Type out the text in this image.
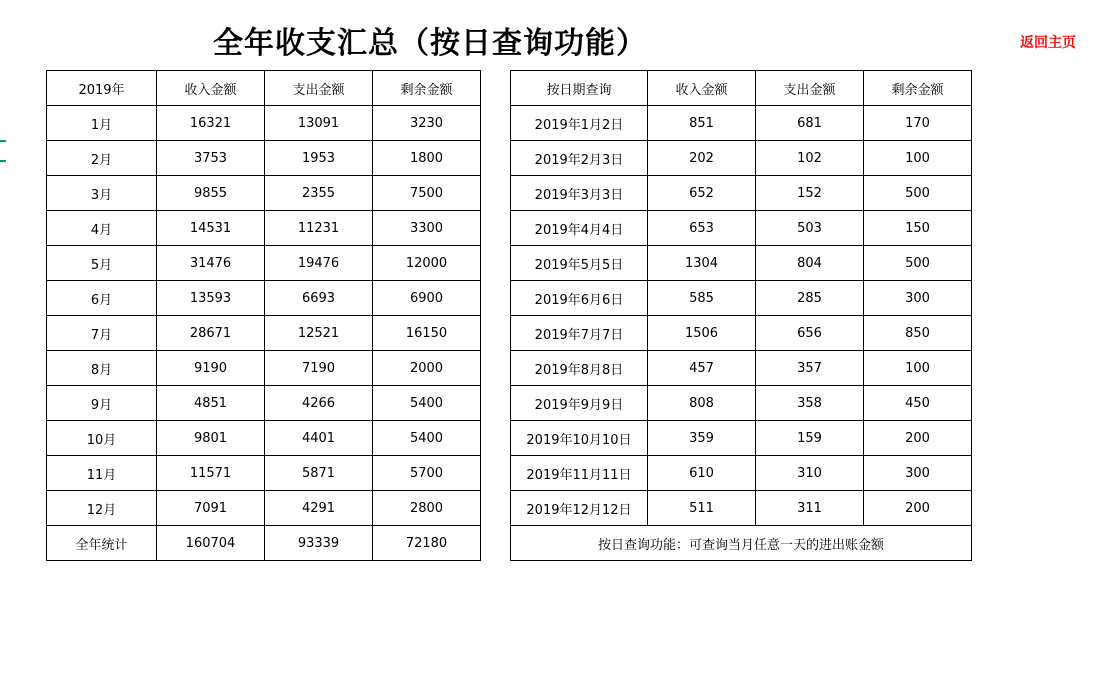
全年收支汇总（按日查询功能）	返回主页
2019年	收入金额	支出金额	剩余金额
1月	16321	13091	3230
2月	3753	1953	1800
3月	9855	2355	7500
4月	14531	11231	3300
5月	31476	19476	12000
6月	13593	6693	6900
7月	28671	12521	16150
8月	9190	7190	2000
9月	4851	4266	5400
10月	9801	4401	5400
11月	11571	5871	5700
12月	7091	4291	2800
全年统计	160704	93339	72180
按日期查询	收入金额	支出金额	剩余金额
2019年1月2日	851	681	170
2019年2月3日	202	102	100
2019年3月3日	652	152	500
2019年4月4日	653	503	150
2019年5月5日	1304	804	500
2019年6月6日	585	285	300
2019年7月7日	1506	656	850
2019年8月8日	457	357	100
2019年9月9日	808	358	450
2019年10月10日	359	159	200
2019年11月11日	610	310	300
2019年12月12日	511	311	200
按日查询功能：可查询当月任意一天的进出账金额			
